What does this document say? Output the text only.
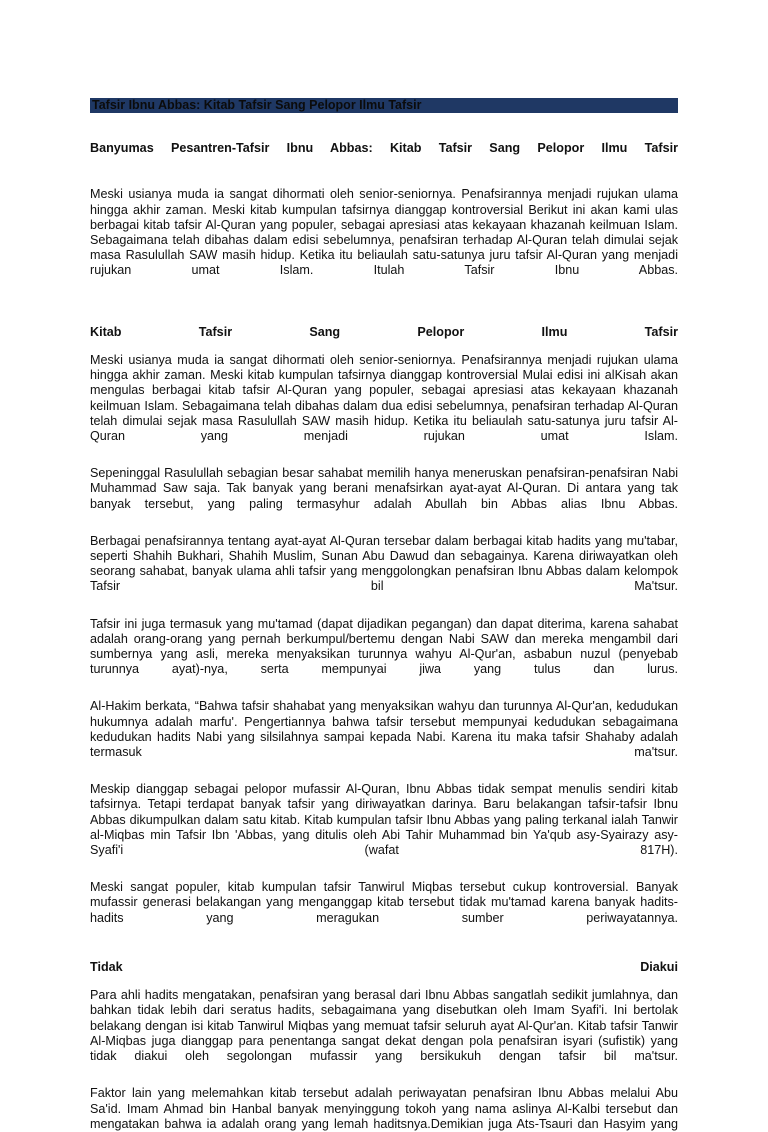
Tafsir Ibnu Abbas: Kitab Tafsir Sang Pelopor Ilmu Tafsir

Banyumas Pesantren-Tafsir Ibnu Abbas: Kitab Tafsir Sang Pelopor Ilmu Tafsir

Meski usianya muda ia sangat dihormati oleh senior-seniornya. Penafsirannya menjadi rujukan ulama hingga akhir zaman. Meski kitab kumpulan tafsirnya dianggap kontroversial Berikut ini akan kami ulas berbagai kitab tafsir Al-Quran yang populer, sebagai apresiasi atas kekayaan khazanah keilmuan Islam. Sebagaimana telah dibahas dalam edisi sebelumnya, penafsiran terhadap Al-Quran telah dimulai sejak masa Rasulullah SAW masih hidup. Ketika itu beliaulah satu-satunya juru tafsir Al-Quran yang menjadi rujukan umat Islam. Itulah Tafsir Ibnu Abbas.

Kitab Tafsir Sang Pelopor Ilmu Tafsir

Meski usianya muda ia sangat dihormati oleh senior-seniornya. Penafsirannya menjadi rujukan ulama hingga akhir zaman. Meski kitab kumpulan tafsirnya dianggap kontroversial Mulai edisi ini alKisah akan mengulas berbagai kitab tafsir Al-Quran yang populer, sebagai apresiasi atas kekayaan khazanah keilmuan Islam. Sebagaimana telah dibahas dalam dua edisi sebelumnya, penafsiran terhadap Al-Quran telah dimulai sejak masa Rasulullah SAW masih hidup. Ketika itu beliaulah satu-satunya juru tafsir Al-Quran yang menjadi rujukan umat Islam.

Sepeninggal Rasulullah sebagian besar sahabat memilih hanya meneruskan penafsiran-penafsiran Nabi Muhammad Saw saja. Tak banyak yang berani menafsirkan ayat-ayat Al-Quran. Di antara yang tak banyak tersebut, yang paling termasyhur adalah Abullah bin Abbas alias Ibnu Abbas.

Berbagai penafsirannya tentang ayat-ayat Al-Quran tersebar dalam berbagai kitab hadits yang mu'tabar, seperti Shahih Bukhari, Shahih Muslim, Sunan Abu Dawud dan sebagainya. Karena diriwayatkan oleh seorang sahabat, banyak ulama ahli tafsir yang menggolongkan penafsiran Ibnu Abbas dalam kelompok Tafsir bil Ma'tsur.

Tafsir ini juga termasuk yang mu'tamad (dapat dijadikan pegangan) dan dapat diterima, karena sahabat adalah orang-orang yang pernah berkumpul/bertemu dengan Nabi SAW dan mereka mengambil dari sumbernya yang asli, mereka menyaksikan turunnya wahyu Al-Qur'an, asbabun nuzul (penyebab turunnya ayat)-nya, serta mempunyai jiwa yang tulus dan lurus.

Al-Hakim berkata, “Bahwa tafsir shahabat yang menyaksikan wahyu dan turunnya Al-Qur'an, kedudukan hukumnya adalah marfu'. Pengertiannya bahwa tafsir tersebut mempunyai kedudukan sebagaimana kedudukan hadits Nabi yang silsilahnya sampai kepada Nabi. Karena itu maka tafsir Shahaby adalah termasuk ma'tsur.

Meskip dianggap sebagai pelopor mufassir Al-Quran, Ibnu Abbas tidak sempat menulis sendiri kitab tafsirnya. Tetapi terdapat banyak tafsir yang diriwayatkan darinya. Baru belakangan tafsir-tafsir Ibnu Abbas dikumpulkan dalam satu kitab. Kitab kumpulan tafsir Ibnu Abbas yang paling terkanal ialah Tanwir al-Miqbas min Tafsir Ibn 'Abbas, yang ditulis oleh Abi Tahir Muhammad bin Ya'qub asy-Syairazy asy-Syafi'i (wafat 817H).

Meski sangat populer, kitab kumpulan tafsir Tanwirul Miqbas tersebut cukup kontroversial. Banyak mufassir generasi belakangan yang menganggap kitab tersebut tidak mu'tamad karena banyak hadits-hadits yang meragukan sumber periwayatannya.

Tidak Diakui

Para ahli hadits mengatakan, penafsiran yang berasal dari Ibnu Abbas sangatlah sedikit jumlahnya, dan bahkan tidak lebih dari seratus hadits, sebagaimana yang disebutkan oleh Imam Syafi'i. Ini bertolak belakang dengan isi kitab Tanwirul Miqbas yang memuat tafsir seluruh ayat Al-Qur'an. Kitab tafsir Tanwir Al-Miqbas juga dianggap para penentanga sangat dekat dengan pola penafsiran isyari (sufistik) yang tidak diakui oleh segolongan mufassir yang bersikukuh dengan tafsir bil ma'tsur.

Faktor lain yang melemahkan kitab tersebut adalah periwayatan penafsiran Ibnu Abbas melalui Abu Sa'id. Imam Ahmad bin Hanbal banyak menyinggung tokoh yang nama aslinya Al-Kalbi tersebut dan mengatakan bahwa ia adalah orang yang lemah haditsnya.Demikian juga Ats-Tsauri dan Hasyim yang
